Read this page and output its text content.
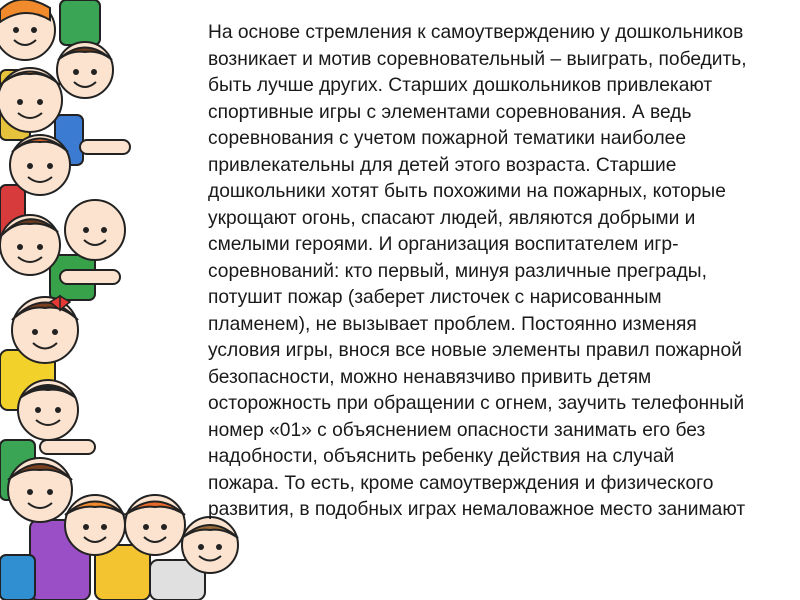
На основе стремления к самоутверждению у дошкольников возникает и мотив соревновательный – выиграть, победить, быть лучше других. Старших дошкольников привлекают спортивные игры с элементами соревнования. А ведь соревнования с учетом пожарной тематики наиболее привлекательны для детей этого возраста. Старшие дошкольники хотят быть похожими на пожарных, которые укрощают огонь, спасают людей, являются добрыми и смелыми героями. И организация воспитателем игр-соревнований: кто первый, минуя различные преграды, потушит пожар (заберет листочек с нарисованным пламенем), не вызывает проблем. Постоянно изменяя условия игры, внося все новые элементы правил пожарной безопасности, можно ненавязчиво привить детям осторожность при обращении с огнем, заучить телефонный номер «01» с объяснением опасности занимать его без надобности, объяснить ребенку действия на случай пожара. То есть, кроме самоутверждения и физического развития, в подобных играх немаловажное место занимают
